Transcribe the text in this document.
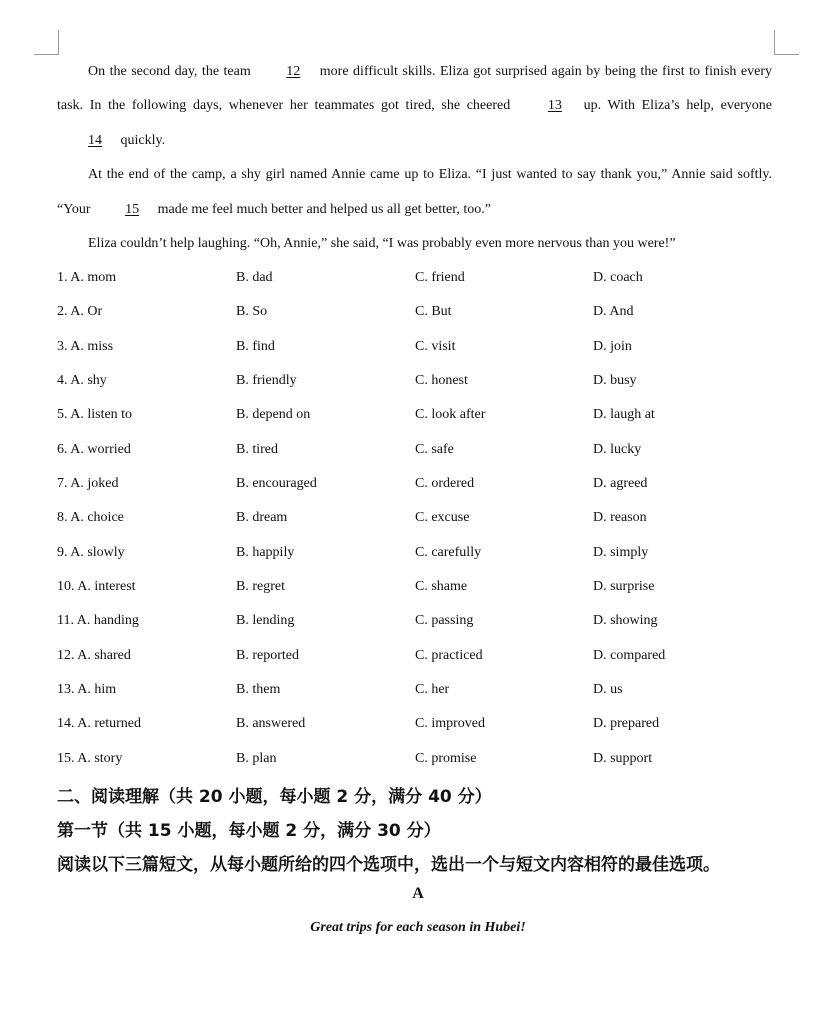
On the second day, the team 12 more difficult skills. Eliza got surprised again by being the first to finish every task. In the following days, whenever her teammates got tired, she cheered 13 up. With Eliza’s help, everyone 14 quickly.

At the end of the camp, a shy girl named Annie came up to Eliza. “I just wanted to say thank you,” Annie said softly. “Your 15 made me feel much better and helped us all get better, too.”

Eliza couldn’t help laughing. “Oh, Annie,” she said, “I was probably even more nervous than you were!”

1. A. mom	B. dad	C. friend	D. coach
2. A. Or	B. So	C. But	D. And
3. A. miss	B. find	C. visit	D. join
4. A. shy	B. friendly	C. honest	D. busy
5. A. listen to	B. depend on	C. look after	D. laugh at
6. A. worried	B. tired	C. safe	D. lucky
7. A. joked	B. encouraged	C. ordered	D. agreed
8. A. choice	B. dream	C. excuse	D. reason
9. A. slowly	B. happily	C. carefully	D. simply
10. A. interest	B. regret	C. shame	D. surprise
11. A. handing	B. lending	C. passing	D. showing
12. A. shared	B. reported	C. practiced	D. compared
13. A. him	B. them	C. her	D. us
14. A. returned	B. answered	C. improved	D. prepared
15. A. story	B. plan	C. promise	D. support
二、阅读理解（共 20 小题，每小题 2 分，满分 40 分）
第一节（共 15 小题，每小题 2 分，满分 30 分）
阅读以下三篇短文，从每小题所给的四个选项中，选出一个与短文内容相符的最佳选项。
A
Great trips for each season in Hubei!
